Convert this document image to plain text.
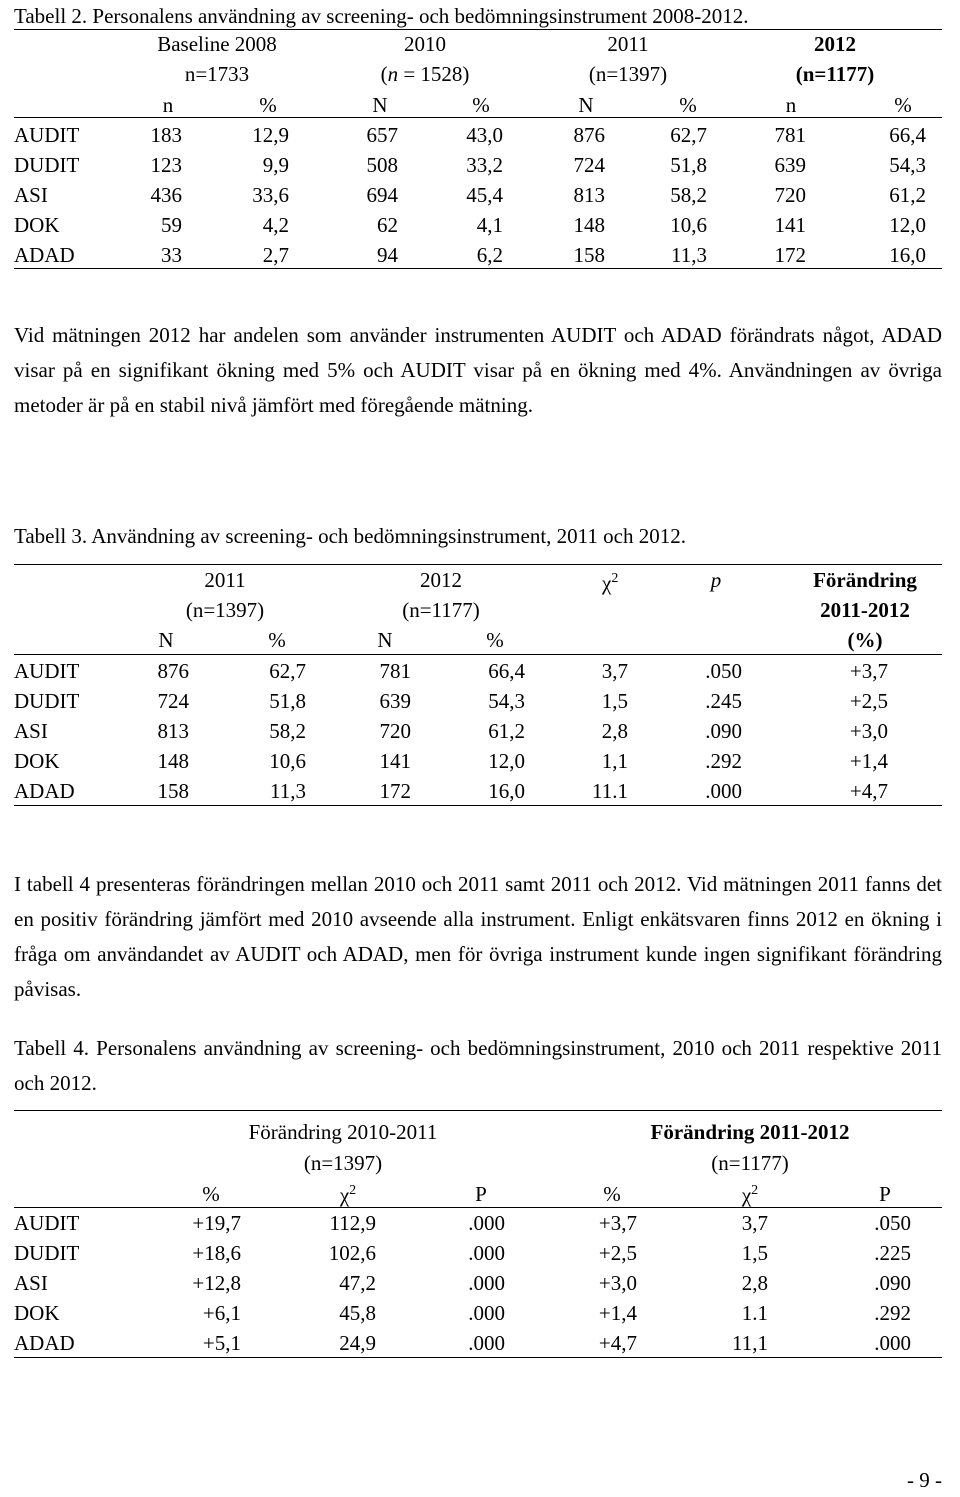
Tabell 2. Personalens användning av screening- och bedömningsinstrument 2008-2012.
Baseline 2008
n=1733
n	%
2010
(n = 1528)
N	%
2011
(n=1397)
N	%
2012
(n=1177)
n	%
AUDIT	183	12,9	657	43,0	876	62,7	781	66,4
DUDIT	123	9,9	508	33,2	724	51,8	639	54,3
ASI	436	33,6	694	45,4	813	58,2	720	61,2
DOK	59	4,2	62	4,1	148	10,6	141	12,0
ADAD	33	2,7	94	6,2	158	11,3	172	16,0
Vid mätningen 2012 har andelen som använder instrumenten AUDIT och ADAD förändrats något, ADAD visar på en signifikant ökning med 5% och AUDIT visar på en ökning med 4%. Användningen av övriga metoder är på en stabil nivå jämfört med föregående mätning.
Tabell 3. Användning av screening- och bedömningsinstrument, 2011 och 2012.
2011
(n=1397)
2012
(n=1177)
$\chi^2$	p	Förändring
2011-2012
(%)
N	%	N	%
AUDIT	876	62,7	781	66,4	3,7	.050	+3,7
DUDIT	724	51,8	639	54,3	1,5	.245	+2,5
ASI	813	58,2	720	61,2	2,8	.090	+3,0
DOK	148	10,6	141	12,0	1,1	.292	+1,4
ADAD	158	11,3	172	16,0	11.1	.000	+4,7
I tabell 4 presenteras förändringen mellan 2010 och 2011 samt 2011 och 2012. Vid mätningen 2011 fanns det en positiv förändring jämfört med 2010 avseende alla instrument. Enligt enkätsvaren finns 2012 en ökning i fråga om användandet av AUDIT och ADAD, men för övriga instrument kunde ingen signifikant förändring påvisas.
Tabell 4. Personalens användning av screening- och bedömningsinstrument, 2010 och 2011 respektive 2011 och 2012.
Förändring 2010-2011
(n=1397)
Förändring 2011-2012
(n=1177)
%	$\chi^2$	P	%	$\chi^2$	P
AUDIT	+19,7	112,9	.000	+3,7	3,7	.050
DUDIT	+18,6	102,6	.000	+2,5	1,5	.225
ASI	+12,8	47,2	.000	+3,0	2,8	.090
DOK	+6,1	45,8	.000	+1,4	1.1	.292
ADAD	+5,1	24,9	.000	+4,7	11,1	.000
- 9 -
